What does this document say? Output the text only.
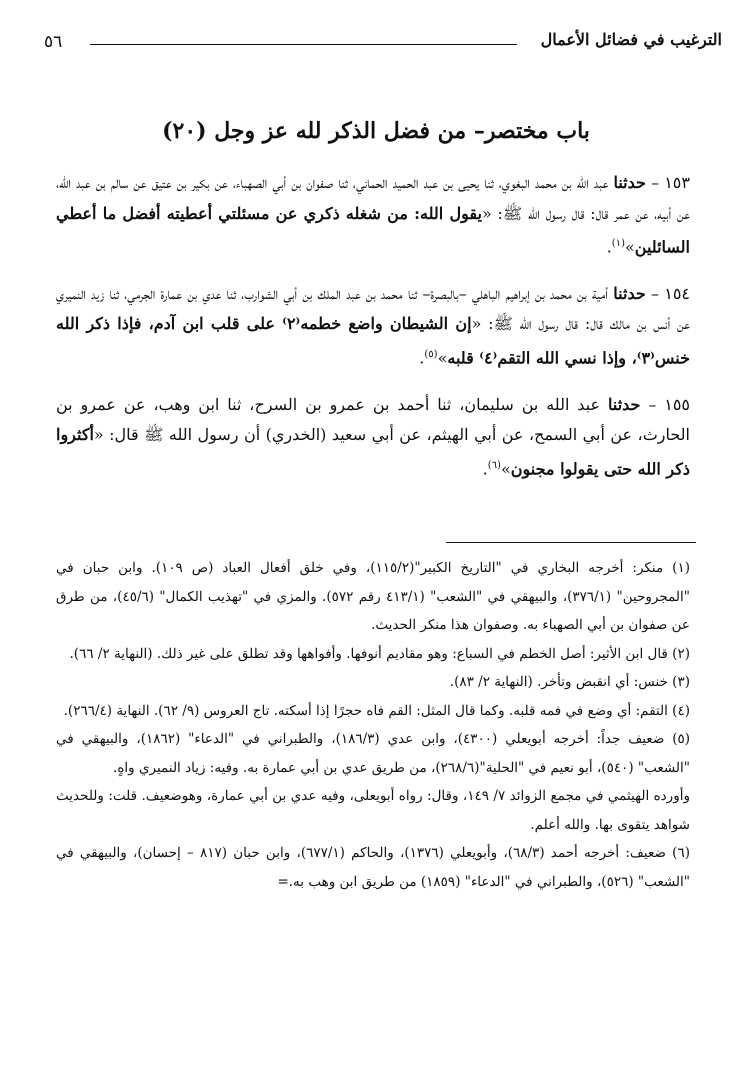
٥٦	الترغيب في فضائل الأعمال
(٢٠) باب مختصر– من فضل الذكر لله عز وجل

١٥٣ – حدثنا عبد الله بن محمد البغوي، ثنا يحيى بن عبد الحميد الحماني، ثنا صفوان بن أبي الصهباء، عن بكير بن عتيق عن سالم بن عبد الله، عن أبيه، عن عمر قال: قال رسول الله ﷺ: «يقول الله: من شغله ذكري عن مسئلتي أعطيته أفضل ما أعطي السائلين»$^{(١)}$.

١٥٤ – حدثنا أمية بن محمد بن إبراهيم الباهلي –بالبصرة– ثنا محمد بن عبد الملك بن أبي الشوارب، ثنا عدي بن عمارة الجرمي، ثنا زيد النميري عن أنس بن مالك قال: قال رسول الله ﷺ: «إن الشيطان واضع خطمه⁽٢⁾ على قلب ابن آدم، فإذا ذكر الله خنس⁽٣⁾، وإذا نسي الله التقم⁽٤⁾ قلبه»$^{(٥)}$.

١٥٥ – حدثنا عبد الله بن سليمان، ثنا أحمد بن عمرو بن السرح، ثنا ابن وهب، عن عمرو بن الحارث، عن أبي السمح، عن أبي الهيثم، عن أبي سعيد (الخدري) أن رسول الله ﷺ قال: «أكثروا ذكر الله حتى يقولوا مجنون»$^{(٦)}$.

(١) منكر: أخرجه البخاري في "التاريخ الكبير"(١١٥/٢)، وفي خلق أفعال العباد (ص ١٠٩). وابن حبان في "المجروحين" (٣٧٦/١)، والبيهقي في "الشعب" (٤١٣/١ رقم ٥٧٢). والمزي في "تهذيب الكمال" (٤٥/٦)، من طرق عن صفوان بن أبي الصهباء به. وصفوان هذا منكر الحديث.

(٢) قال ابن الأثير: أصل الخطم في السباع: وهو مقاديم أنوفها. وأفواهها وقد تطلق على غير ذلك. (النهاية ٢/ ٦٦).

(٣) خنس: أي انقبض وتأخر. (النهاية ٢/ ٨٣).

(٤) التقم: أي وضع في فمه قلبه. وكما قال المثل: القم فاه حجرًا إذا أسكته. تاج العروس (٩/ ٦٢). النهاية (٢٦٦/٤).

(٥) ضعيف جداً: أخرجه أبويعلي (٤٣٠٠)، وابن عدي (١٨٦/٣)، والطبراني في "الدعاء" (١٨٦٢)، والبيهقي في "الشعب" (٥٤٠)، أبو نعيم في "الحلية"(٢٦٨/٦)، من طريق عدي بن أبي عمارة به. وفيه: زياد النميري واهٍ.

وأورده الهيثمي في مجمع الزوائد ٧/ ١٤٩، وقال: رواه أبويعلى، وفيه عدي بن أبي عمارة، وهوضعيف. قلت: وللحديث شواهد يتقوى بها. والله أعلم.

(٦) ضعيف: أخرجه أحمد (٦٨/٣)، وأبويعلي (١٣٧٦)، والحاكم (٦٧٧/١)، وابن حبان (٨١٧ – إحسان)، والبيهقي في "الشعب" (٥٢٦)، والطبراني في "الدعاء" (١٨٥٩) من طريق ابن وهب به.=
